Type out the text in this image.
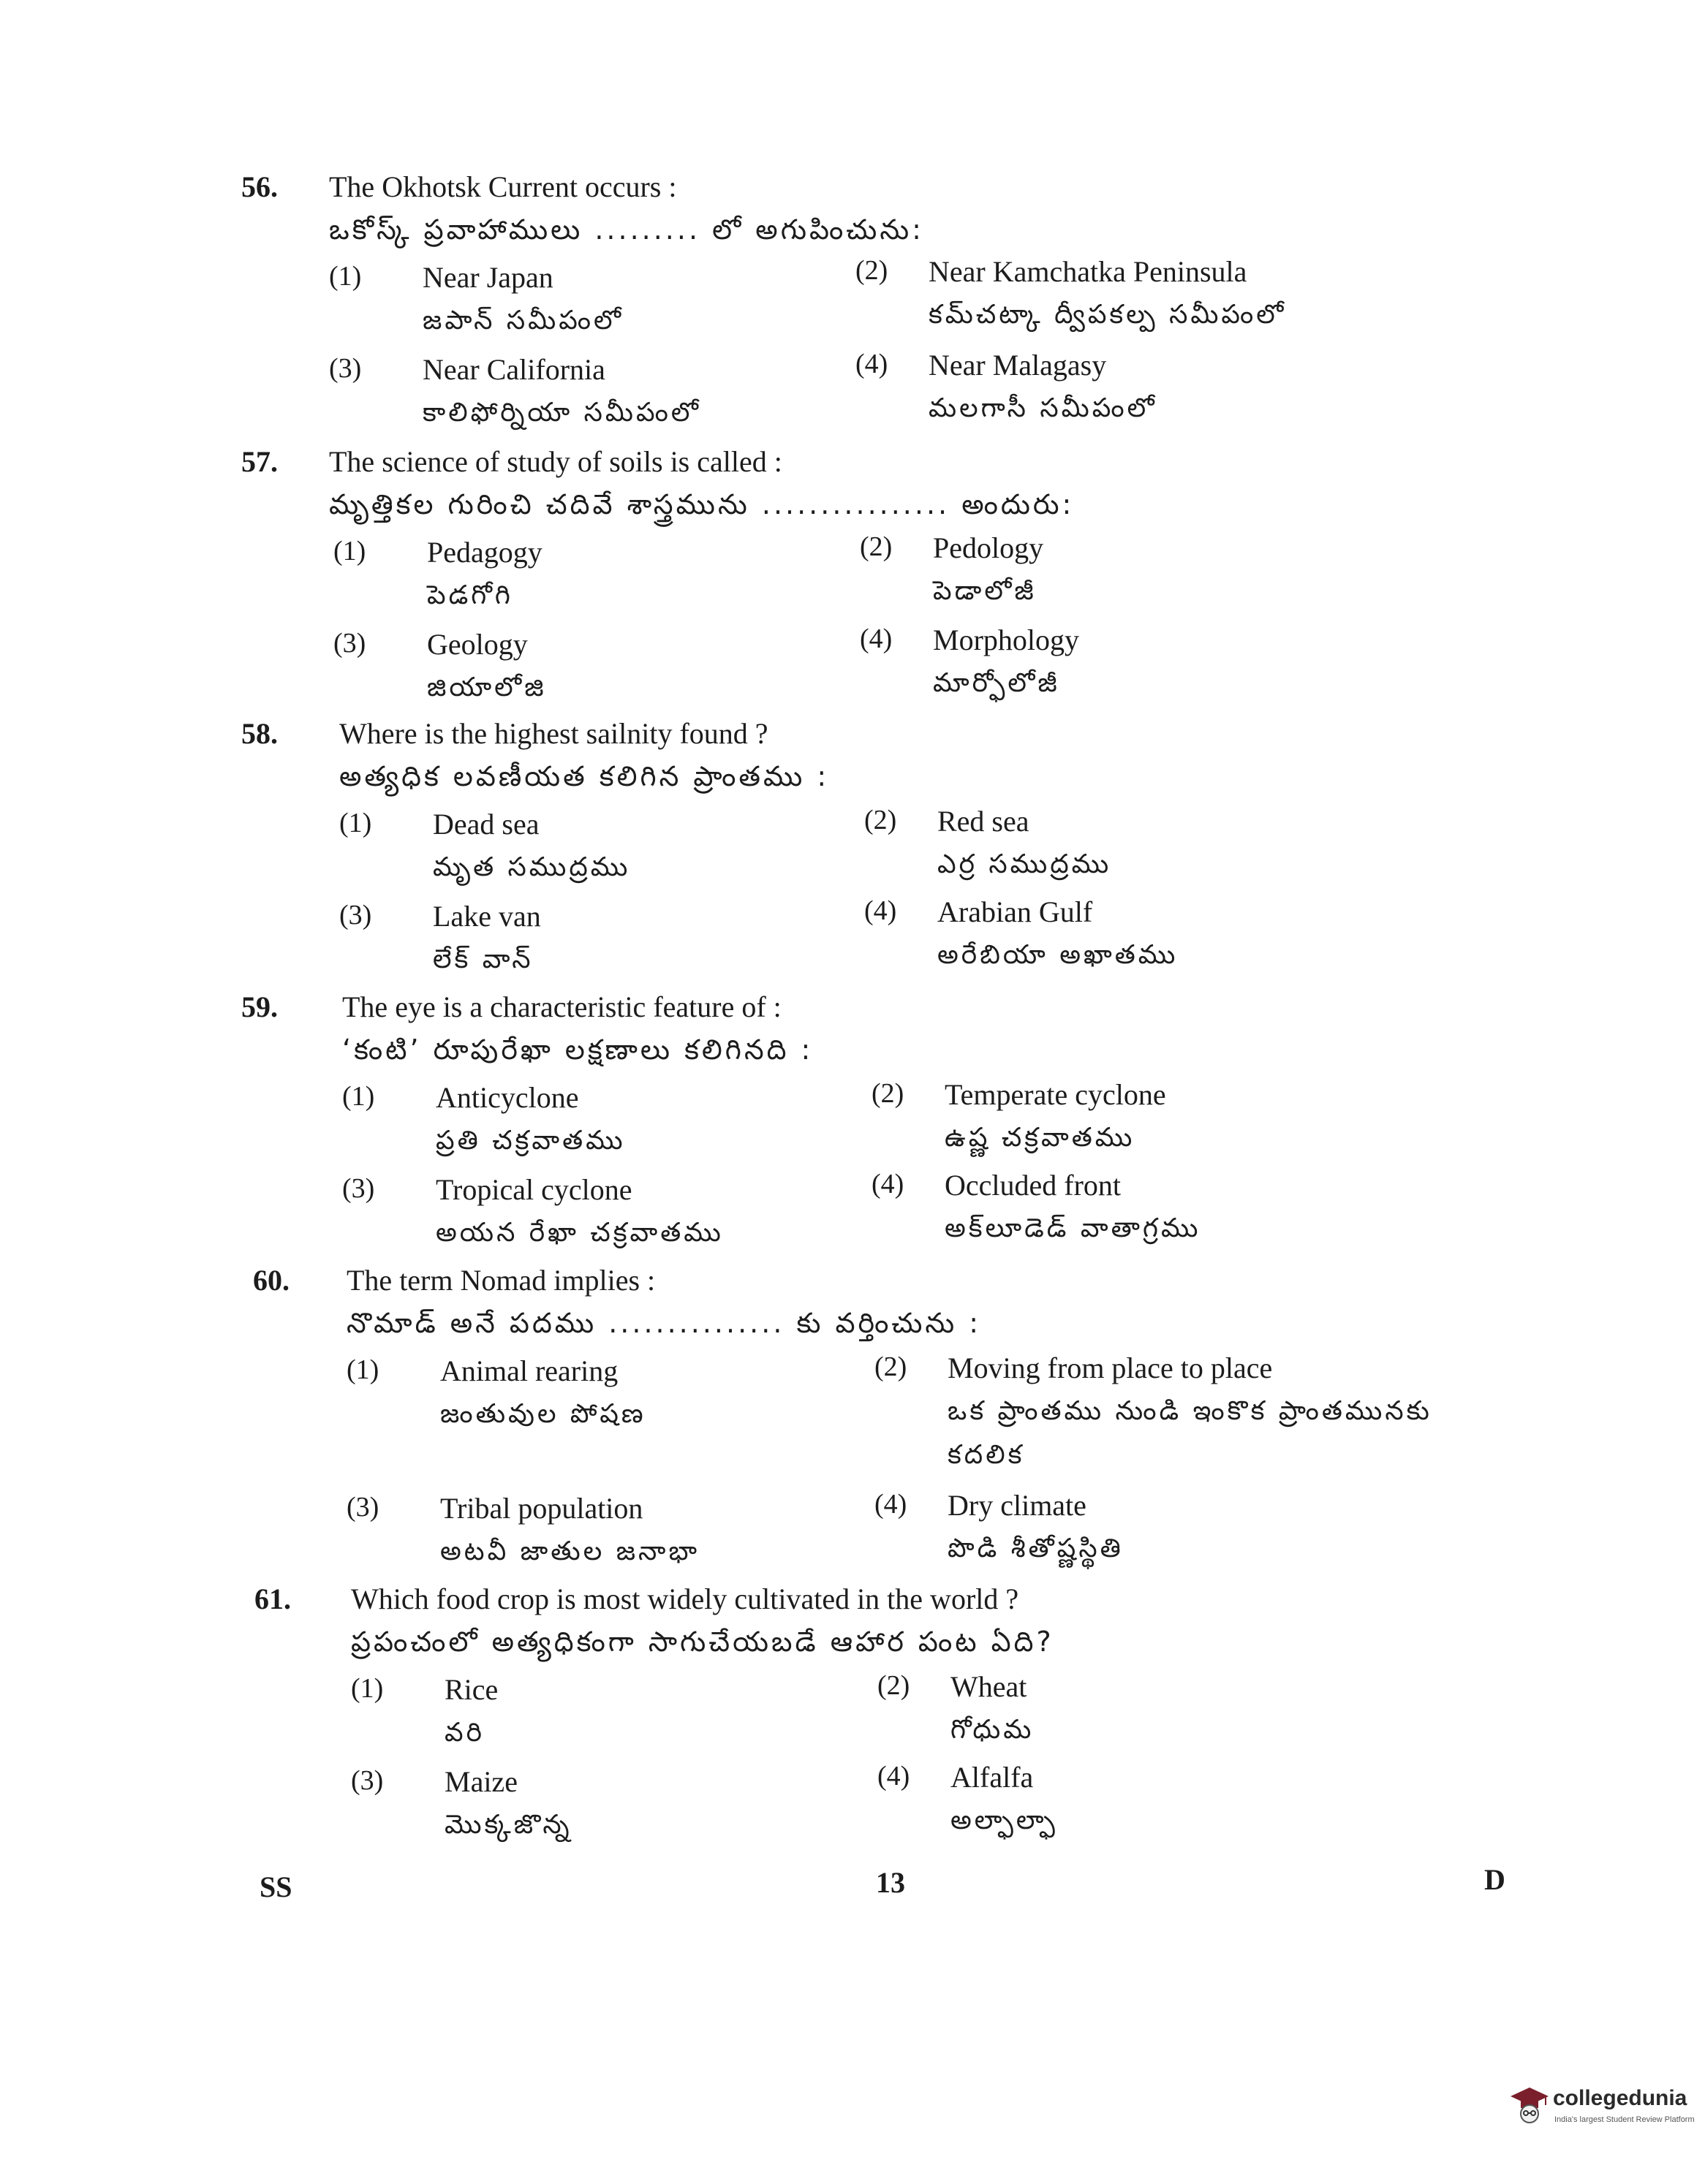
56. The Okhotsk Current occurs :
ఒకోస్క్ ప్రవాహాములు ......... లో అగుపించును:
(1) Near Japan
జపాన్ సమీపంలో
(2) Near Kamchatka Peninsula
కమ్‌చట్కా ద్వీపకల్ప సమీపంలో
(3) Near California
కాలిఫోర్నియా సమీపంలో
(4) Near Malagasy
మలగాసీ సమీపంలో
57. The science of study of soils is called :
మృత్తికల గురించి చదివే శాస్త్రమును ................ అందురు:
(1) Pedagogy
పెడగోగి
(2) Pedology
పెడాలోజీ
(3) Geology
జియాలోజి
(4) Morphology
మార్ఫోలోజీ
58. Where is the highest sailnity found ?
అత్యధిక లవణీయత కలిగిన ప్రాంతము :
(1) Dead sea
మృత సముద్రము
(2) Red sea
ఎర్ర సముద్రము
(3) Lake van
లేక్ వాన్
(4) Arabian Gulf
అరేబియా అఖాతము
59. The eye is a characteristic feature of :
‘కంటి’ రూపురేఖా లక్షణాలు కలిగినది :
(1) Anticyclone
ప్రతి చక్రవాతము
(2) Temperate cyclone
ఉష్ణ చక్రవాతము
(3) Tropical cyclone
అయన రేఖా చక్రవాతము
(4) Occluded front
అక్‌లూడెడ్ వాతాగ్రము
60. The term Nomad implies :
నొమాడ్ అనే పదము ............... కు వర్తించును :
(1) Animal rearing
జంతువుల పోషణ
(2) Moving from place to place
ఒక ప్రాంతము నుండి ఇంకొక ప్రాంతమునకు
కదలిక
(3) Tribal population
అటవీ జాతుల జనాభా
(4) Dry climate
పొడి శీతోష్ణస్థితి
61. Which food crop is most widely cultivated in the world ?
ప్రపంచంలో అత్యధికంగా సాగుచేయబడే ఆహార పంట ఏది?
(1) Rice
వరి
(2) Wheat
గోధుమ
(3) Maize
మొక్కజొన్న
(4) Alfalfa
అల్ఫాల్ఫా
SS	13	D
collegedunia
India's largest Student Review Platform
